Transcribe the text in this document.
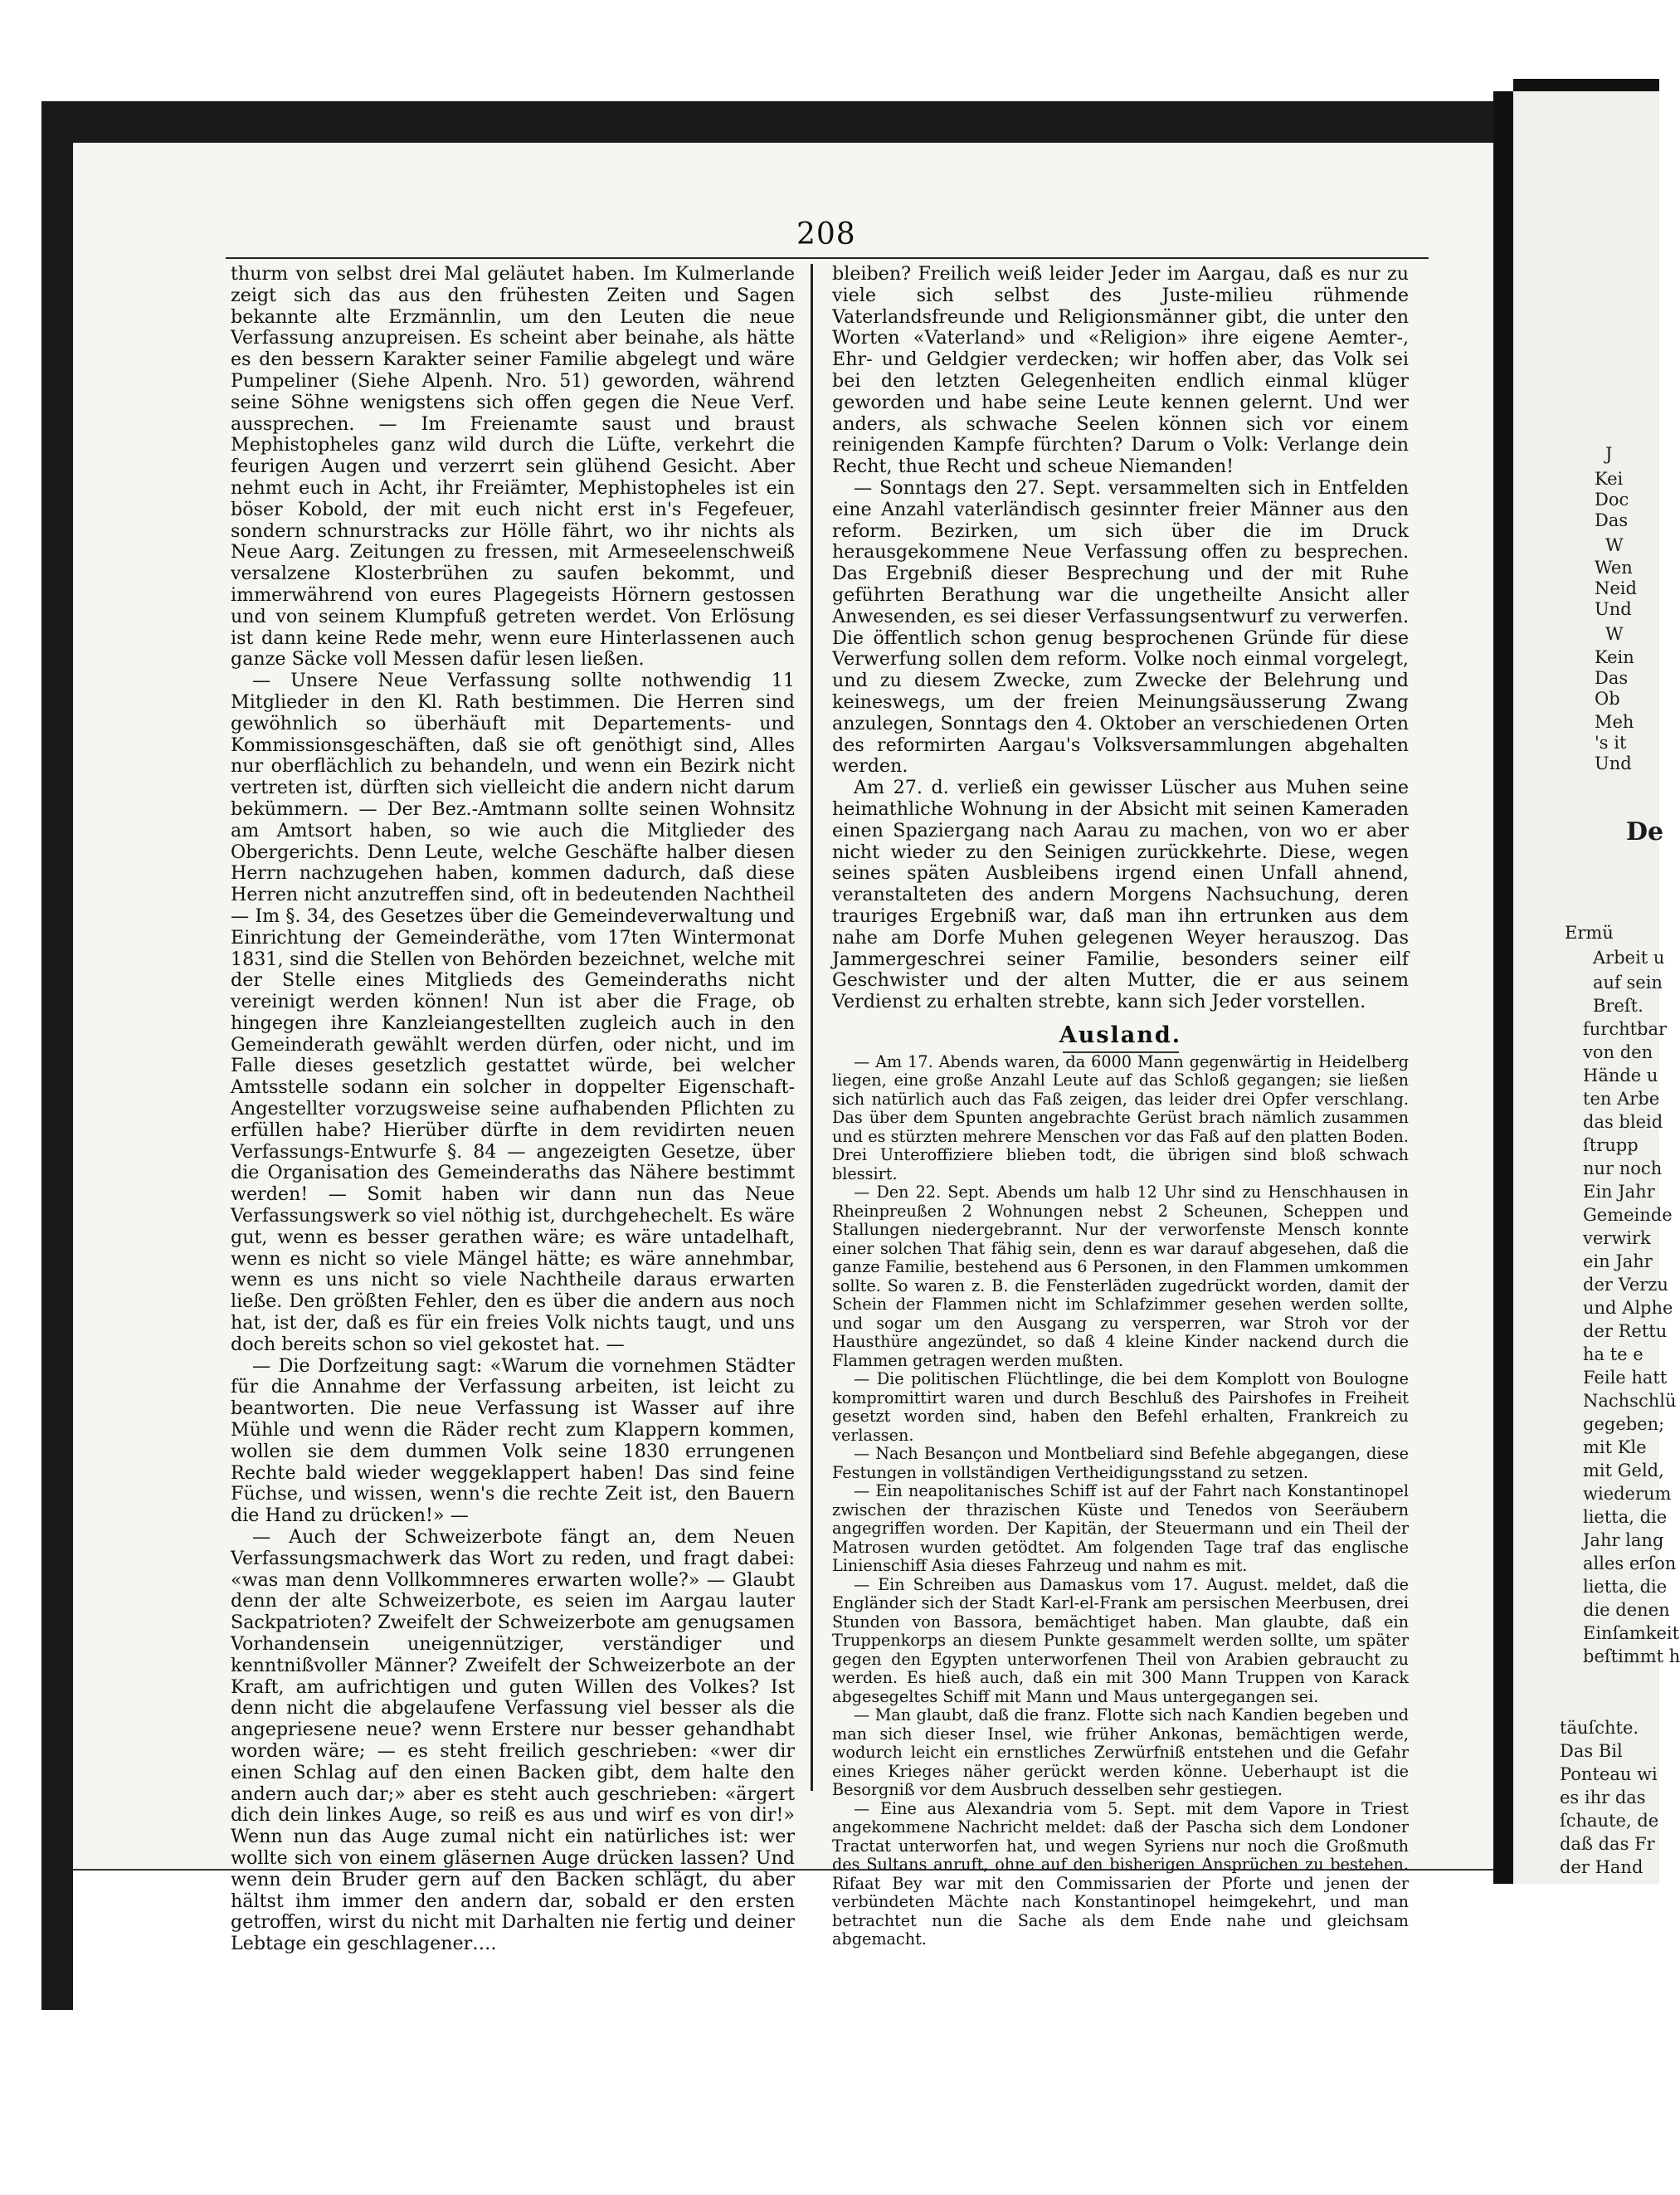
208

thurm von selbst drei Mal geläutet haben. Im Kulmerlande zeigt sich das aus den frühesten Zeiten und Sagen bekannte alte Erzmännlin, um den Leuten die neue Verfassung anzupreisen. Es scheint aber beinahe, als hätte es den bessern Karakter seiner Familie abgelegt und wäre Pumpeliner (Siehe Alpenh. Nro. 51) geworden, während seine Söhne wenigstens sich offen gegen die Neue Verf. aussprechen. — Im Freienamte saust und braust Mephistopheles ganz wild durch die Lüfte, verkehrt die feurigen Augen und verzerrt sein glühend Gesicht. Aber nehmt euch in Acht, ihr Freiämter, Mephistopheles ist ein böser Kobold, der mit euch nicht erst in's Fegefeuer, sondern schnurstracks zur Hölle fährt, wo ihr nichts als Neue Aarg. Zeitungen zu fressen, mit Armeseelenschweiß versalzene Klosterbrühen zu saufen bekommt, und immerwährend von eures Plagegeists Hörnern gestossen und von seinem Klumpfuß getreten werdet. Von Erlösung ist dann keine Rede mehr, wenn eure Hinterlassenen auch ganze Säcke voll Messen dafür lesen ließen.

— Unsere Neue Verfassung sollte nothwendig 11 Mitglieder in den Kl. Rath bestimmen. Die Herren sind gewöhnlich so überhäuft mit Departements- und Kommissionsgeschäften, daß sie oft genöthigt sind, Alles nur oberflächlich zu behandeln, und wenn ein Bezirk nicht vertreten ist, dürften sich vielleicht die andern nicht darum bekümmern. — Der Bez.-Amtmann sollte seinen Wohnsitz am Amtsort haben, so wie auch die Mitglieder des Obergerichts. Denn Leute, welche Geschäfte halber diesen Herrn nachzugehen haben, kommen dadurch, daß diese Herren nicht anzutreffen sind, oft in bedeutenden Nachtheil — Im §. 34, des Gesetzes über die Gemeindeverwaltung und Einrichtung der Gemeinderäthe, vom 17ten Wintermonat 1831, sind die Stellen von Behörden bezeichnet, welche mit der Stelle eines Mitglieds des Gemeinderaths nicht vereinigt werden können! Nun ist aber die Frage, ob hingegen ihre Kanzleiangestellten zugleich auch in den Gemeinderath gewählt werden dürfen, oder nicht, und im Falle dieses gesetzlich gestattet würde, bei welcher Amtsstelle sodann ein solcher in doppelter Eigenschaft-Angestellter vorzugsweise seine aufhabenden Pflichten zu erfüllen habe? Hierüber dürfte in dem revidirten neuen Verfassungs-Entwurfe §. 84 — angezeigten Gesetze, über die Organisation des Gemeinderaths das Nähere bestimmt werden! — Somit haben wir dann nun das Neue Verfassungswerk so viel nöthig ist, durchgehechelt. Es wäre gut, wenn es besser gerathen wäre; es wäre untadelhaft, wenn es nicht so viele Mängel hätte; es wäre annehmbar, wenn es uns nicht so viele Nachtheile daraus erwarten ließe. Den größten Fehler, den es über die andern aus noch hat, ist der, daß es für ein freies Volk nichts taugt, und uns doch bereits schon so viel gekostet hat. —

— Die Dorfzeitung sagt: «Warum die vornehmen Städter für die Annahme der Verfassung arbeiten, ist leicht zu beantworten. Die neue Verfassung ist Wasser auf ihre Mühle und wenn die Räder recht zum Klappern kommen, wollen sie dem dummen Volk seine 1830 errungenen Rechte bald wieder weggeklappert haben! Das sind feine Füchse, und wissen, wenn's die rechte Zeit ist, den Bauern die Hand zu drücken!» —

— Auch der Schweizerbote fängt an, dem Neuen Verfassungsmachwerk das Wort zu reden, und fragt dabei: «was man denn Vollkommneres erwarten wolle?» — Glaubt denn der alte Schweizerbote, es seien im Aargau lauter Sackpatrioten? Zweifelt der Schweizerbote am genugsamen Vorhandensein uneigennütziger, verständiger und kenntnißvoller Männer? Zweifelt der Schweizerbote an der Kraft, am aufrichtigen und guten Willen des Volkes? Ist denn nicht die abgelaufene Verfassung viel besser als die angepriesene neue? wenn Erstere nur besser gehandhabt worden wäre; — es steht freilich geschrieben: «wer dir einen Schlag auf den einen Backen gibt, dem halte den andern auch dar;» aber es steht auch geschrieben: «ärgert dich dein linkes Auge, so reiß es aus und wirf es von dir!» Wenn nun das Auge zumal nicht ein natürliches ist: wer wollte sich von einem gläsernen Auge drücken lassen? Und wenn dein Bruder gern auf den Backen schlägt, du aber hältst ihm immer den andern dar, sobald er den ersten getroffen, wirst du nicht mit Darhalten nie fertig und deiner Lebtage ein geschlagener….

bleiben? Freilich weiß leider Jeder im Aargau, daß es nur zu viele sich selbst des Juste-milieu rühmende Vaterlandsfreunde und Religionsmänner gibt, die unter den Worten «Vaterland» und «Religion» ihre eigene Aemter-, Ehr- und Geldgier verdecken; wir hoffen aber, das Volk sei bei den letzten Gelegenheiten endlich einmal klüger geworden und habe seine Leute kennen gelernt. Und wer anders, als schwache Seelen können sich vor einem reinigenden Kampfe fürchten? Darum o Volk: Verlange dein Recht, thue Recht und scheue Niemanden!

— Sonntags den 27. Sept. versammelten sich in Entfelden eine Anzahl vaterländisch gesinnter freier Männer aus den reform. Bezirken, um sich über die im Druck herausgekommene Neue Verfassung offen zu besprechen. Das Ergebniß dieser Besprechung und der mit Ruhe geführten Berathung war die ungetheilte Ansicht aller Anwesenden, es sei dieser Verfassungsentwurf zu verwerfen. Die öffentlich schon genug besprochenen Gründe für diese Verwerfung sollen dem reform. Volke noch einmal vorgelegt, und zu diesem Zwecke, zum Zwecke der Belehrung und keineswegs, um der freien Meinungsäusserung Zwang anzulegen, Sonntags den 4. Oktober an verschiedenen Orten des reformirten Aargau's Volksversammlungen abgehalten werden.

Am 27. d. verließ ein gewisser Lüscher aus Muhen seine heimathliche Wohnung in der Absicht mit seinen Kameraden einen Spaziergang nach Aarau zu machen, von wo er aber nicht wieder zu den Seinigen zurückkehrte. Diese, wegen seines späten Ausbleibens irgend einen Unfall ahnend, veranstalteten des andern Morgens Nachsuchung, deren trauriges Ergebniß war, daß man ihn ertrunken aus dem nahe am Dorfe Muhen gelegenen Weyer herauszog. Das Jammergeschrei seiner Familie, besonders seiner eilf Geschwister und der alten Mutter, die er aus seinem Verdienst zu erhalten strebte, kann sich Jeder vorstellen.

Ausland.

— Am 17. Abends waren, da 6000 Mann gegenwärtig in Heidelberg liegen, eine große Anzahl Leute auf das Schloß gegangen; sie ließen sich natürlich auch das Faß zeigen, das leider drei Opfer verschlang. Das über dem Spunten angebrachte Gerüst brach nämlich zusammen und es stürzten mehrere Menschen vor das Faß auf den platten Boden. Drei Unteroffiziere blieben todt, die übrigen sind bloß schwach blessirt.

— Den 22. Sept. Abends um halb 12 Uhr sind zu Henschhausen in Rheinpreußen 2 Wohnungen nebst 2 Scheunen, Scheppen und Stallungen niedergebrannt. Nur der verworfenste Mensch konnte einer solchen That fähig sein, denn es war darauf abgesehen, daß die ganze Familie, bestehend aus 6 Personen, in den Flammen umkommen sollte. So waren z. B. die Fensterläden zugedrückt worden, damit der Schein der Flammen nicht im Schlafzimmer gesehen werden sollte, und sogar um den Ausgang zu versperren, war Stroh vor der Hausthüre angezündet, so daß 4 kleine Kinder nackend durch die Flammen getragen werden mußten.

— Die politischen Flüchtlinge, die bei dem Komplott von Boulogne kompromittirt waren und durch Beschluß des Pairshofes in Freiheit gesetzt worden sind, haben den Befehl erhalten, Frankreich zu verlassen.

— Nach Besançon und Montbeliard sind Befehle abgegangen, diese Festungen in vollständigen Vertheidigungsstand zu setzen.

— Ein neapolitanisches Schiff ist auf der Fahrt nach Konstantinopel zwischen der thrazischen Küste und Tenedos von Seeräubern angegriffen worden. Der Kapitän, der Steuermann und ein Theil der Matrosen wurden getödtet. Am folgenden Tage traf das englische Linienschiff Asia dieses Fahrzeug und nahm es mit.

— Ein Schreiben aus Damaskus vom 17. August. meldet, daß die Engländer sich der Stadt Karl-el-Frank am persischen Meerbusen, drei Stunden von Bassora, bemächtiget haben. Man glaubte, daß ein Truppenkorps an diesem Punkte gesammelt werden sollte, um später gegen den Egypten unterworfenen Theil von Arabien gebraucht zu werden. Es hieß auch, daß ein mit 300 Mann Truppen von Karack abgesegeltes Schiff mit Mann und Maus untergegangen sei.

— Man glaubt, daß die franz. Flotte sich nach Kandien begeben und man sich dieser Insel, wie früher Ankonas, bemächtigen werde, wodurch leicht ein ernstliches Zerwürfniß entstehen und die Gefahr eines Krieges näher gerückt werden könne. Ueberhaupt ist die Besorgniß vor dem Ausbruch desselben sehr gestiegen.

— Eine aus Alexandria vom 5. Sept. mit dem Vapore in Triest angekommene Nachricht meldet: daß der Pascha sich dem Londoner Tractat unterworfen hat, und wegen Syriens nur noch die Großmuth des Sultans anruft, ohne auf den bisherigen Ansprüchen zu bestehen. Rifaat Bey war mit den Commissarien der Pforte und jenen der verbündeten Mächte nach Konstantinopel heimgekehrt, und man betrachtet nun die Sache als dem Ende nahe und gleichsam abgemacht.

J
Kei
Doc
Das
W
Wen
Neid
Und
W
Kein
Das
Ob
Meh
's it
Und
De
Ermü
Arbeit u
auf sein
Breſt.
furchtbar
von den
Hände u
ten Arbe
das bleid
ſtrupp
nur noch
Ein Jahr
Gemeinde
verwirk
ein Jahr
der Verzu
und Alphe
der Rettu
ha te e
Feile hatt
Nachschlü
gegeben;
mit Kle
mit Geld,
wiederum
lietta, die
Jahr lang
alles erſon
lietta, die
die denen
Einſamkeit
beſtimmt h
täuſchte.
Das Bil
Ponteau wi
es ihr das
ſchaute, de
daß das Fr
der Hand
